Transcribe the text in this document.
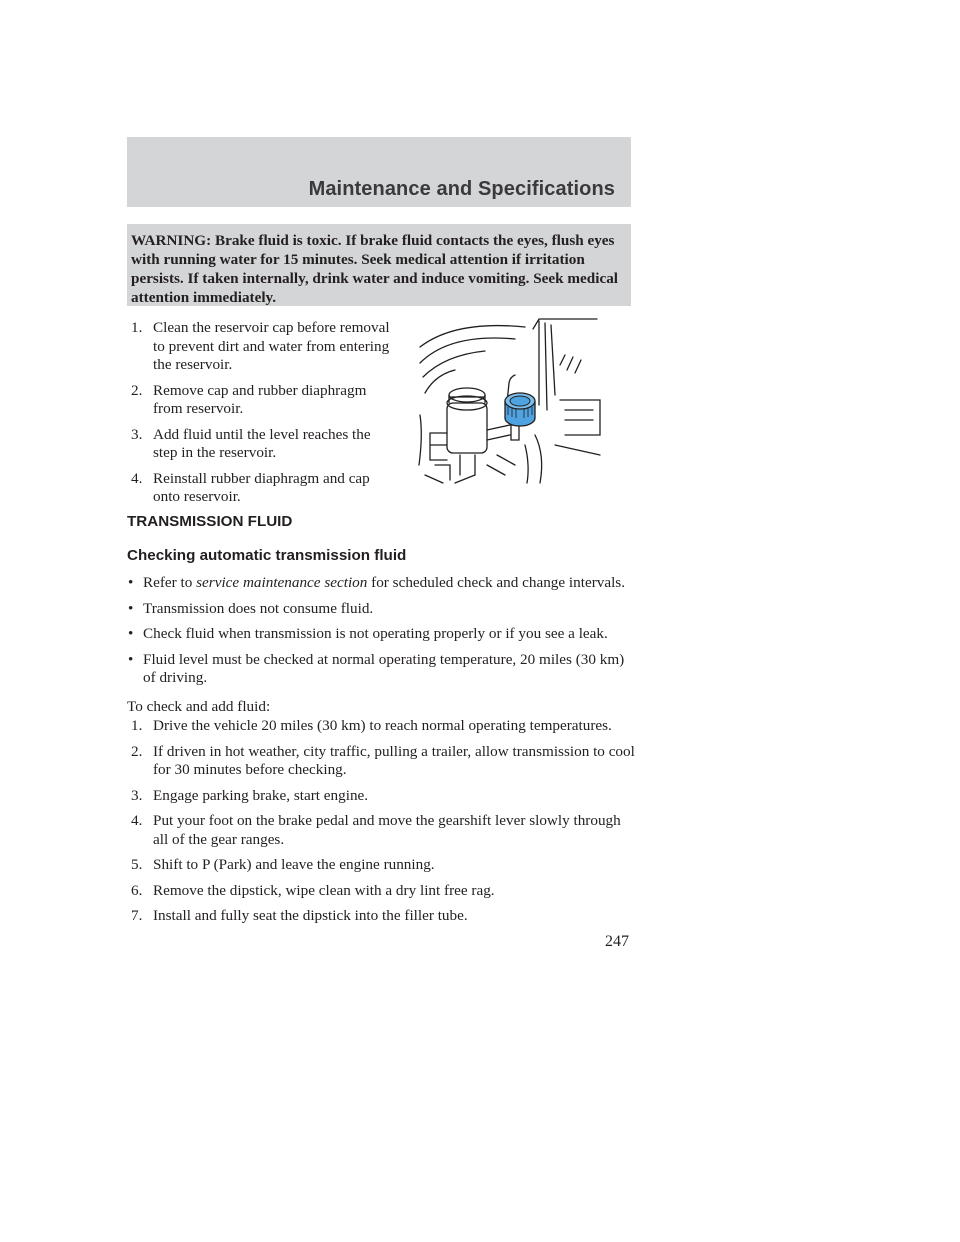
Maintenance and Specifications
WARNING: Brake fluid is toxic. If brake fluid contacts the eyes, flush eyes with running water for 15 minutes. Seek medical attention if irritation persists. If taken internally, drink water and induce vomiting. Seek medical attention immediately.
1. Clean the reservoir cap before removal to prevent dirt and water from entering the reservoir.
2. Remove cap and rubber diaphragm from reservoir.
3. Add fluid until the level reaches the step in the reservoir.
4. Reinstall rubber diaphragm and cap onto reservoir.
TRANSMISSION FLUID
Checking automatic transmission fluid
• Refer to service maintenance section for scheduled check and change intervals.
• Transmission does not consume fluid.
• Check fluid when transmission is not operating properly or if you see a leak.
• Fluid level must be checked at normal operating temperature, 20 miles (30 km) of driving.
To check and add fluid:
1. Drive the vehicle 20 miles (30 km) to reach normal operating temperatures.
2. If driven in hot weather, city traffic, pulling a trailer, allow transmission to cool for 30 minutes before checking.
3. Engage parking brake, start engine.
4. Put your foot on the brake pedal and move the gearshift lever slowly through all of the gear ranges.
5. Shift to P (Park) and leave the engine running.
6. Remove the dipstick, wipe clean with a dry lint free rag.
7. Install and fully seat the dipstick into the filler tube.
247
